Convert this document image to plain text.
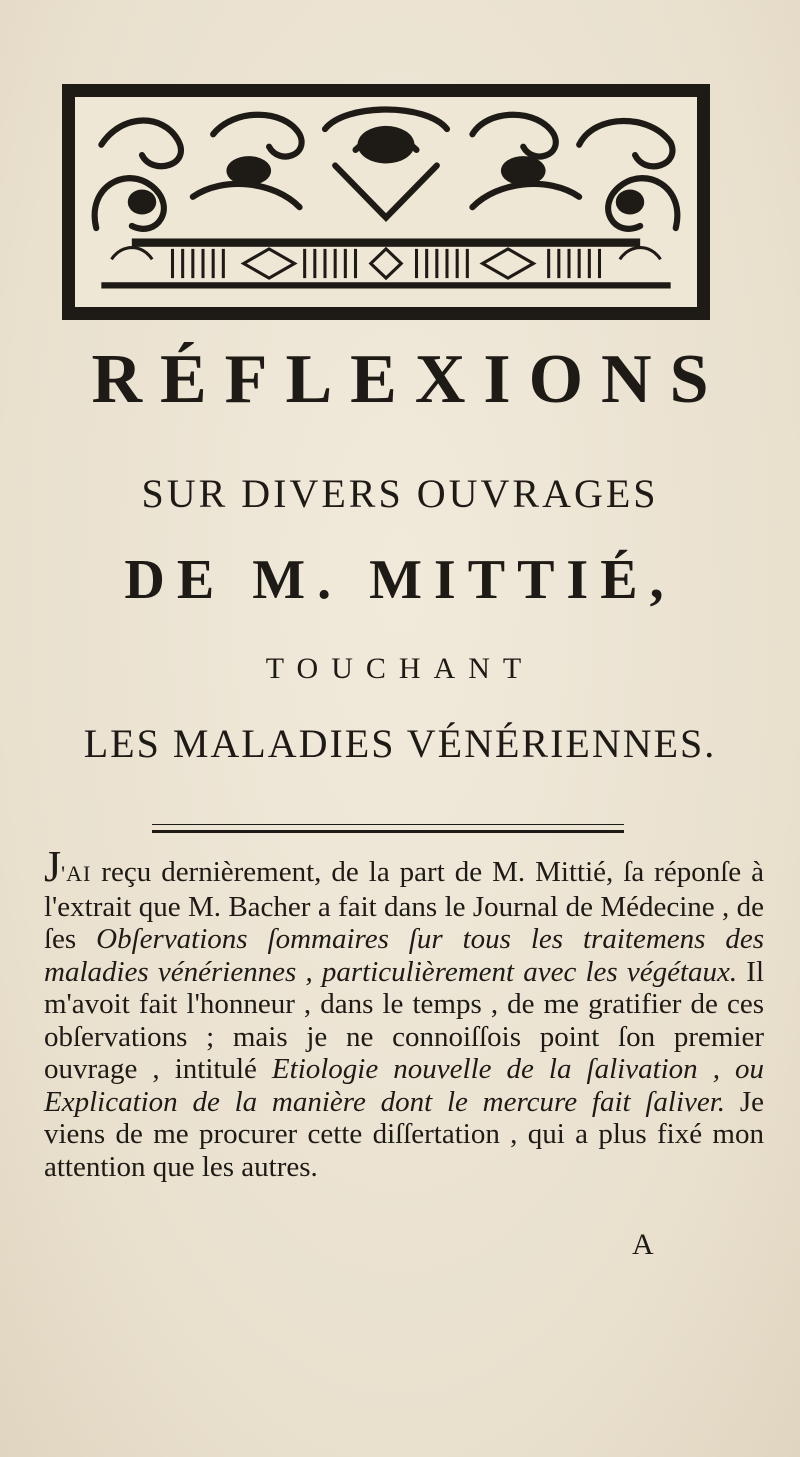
RÉFLEXIONS
SUR DIVERS OUVRAGES
DE M. MITTIÉ,
TOUCHANT
LES MALADIES VÉNÉRIENNES.

J'AI reçu dernièrement, de la part de M. Mittié, ſa réponſe à l'extrait que M. Bacher a fait dans le Journal de Médecine , de ſes Obſervations ſommaires ſur tous les traitemens des maladies vénériennes , particulièrement avec les végétaux. Il m'avoit fait l'honneur , dans le temps , de me gratifier de ces obſervations ; mais je ne connoiſſois point ſon premier ouvrage , intitulé Etiologie nouvelle de la ſalivation , ou Explication de la manière dont le mercure fait ſaliver. Je viens de me procurer cette diſſertation , qui a plus fixé mon attention que les autres.

A
